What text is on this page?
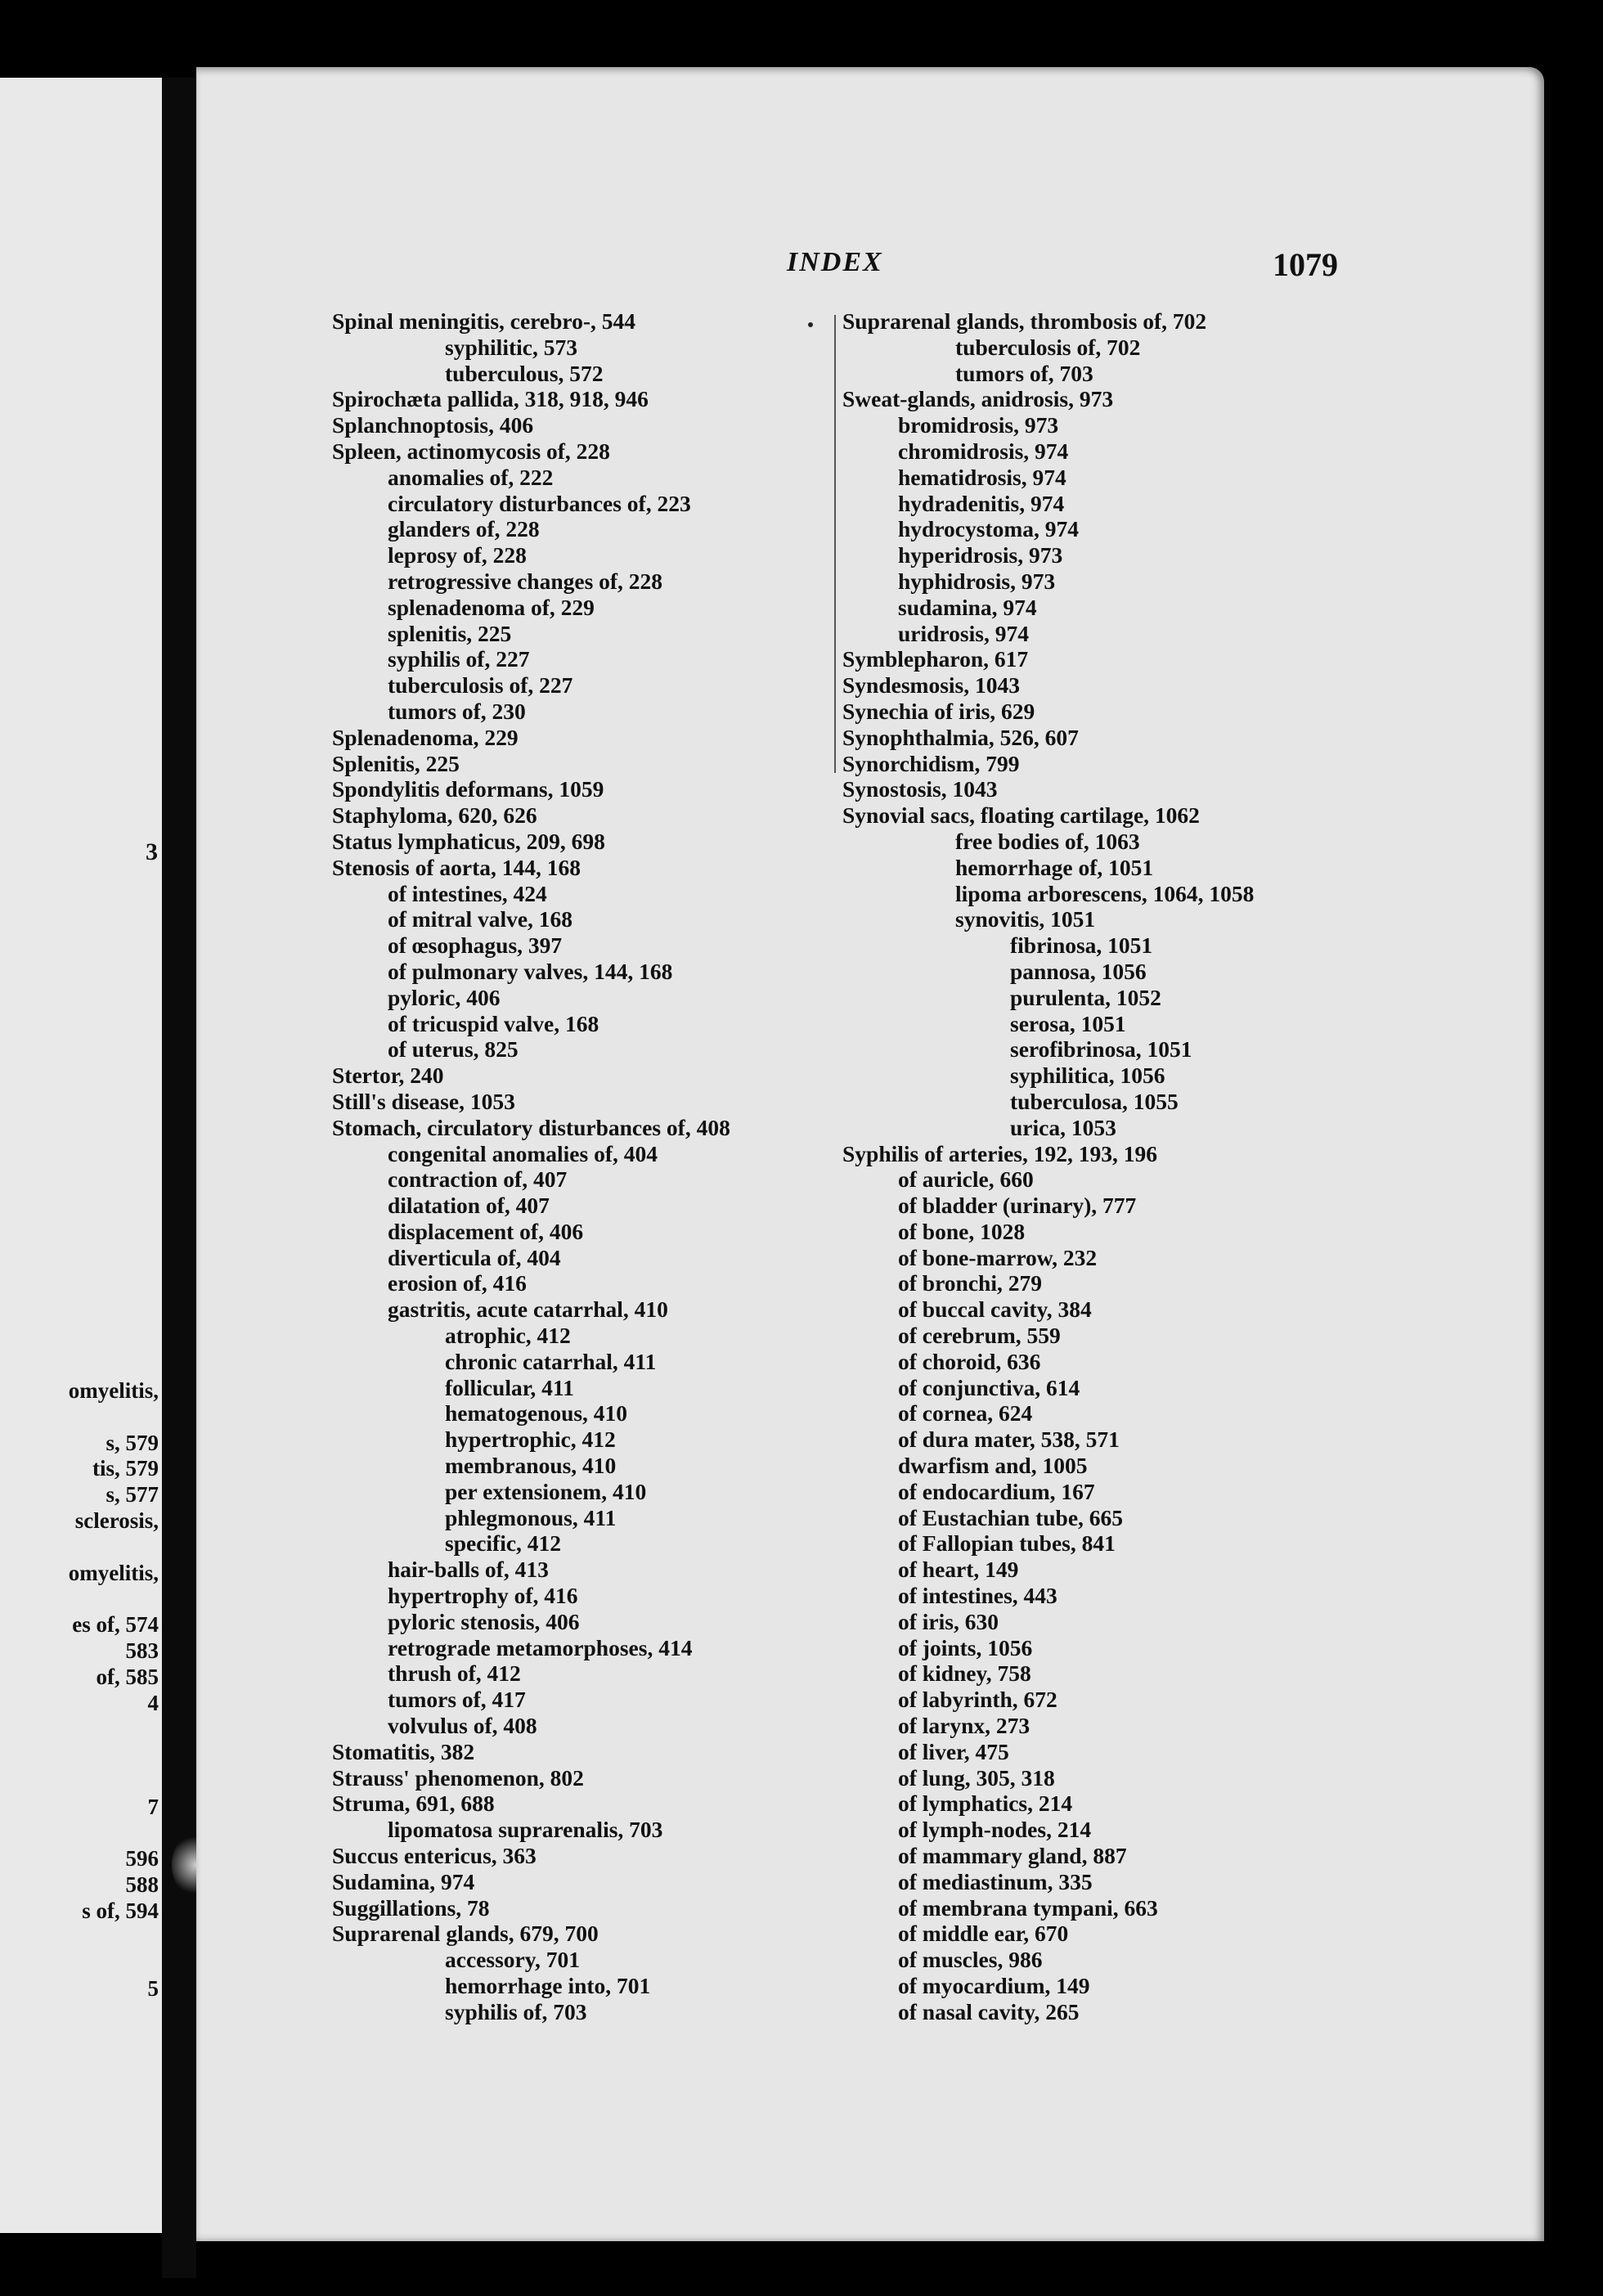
3
omyelitis,
s, 579
tis, 579
s, 577
sclerosis,
omyelitis,
es of, 574
583
of, 585
4
7
596
588
s of, 594
5
INDEX	1079
Spinal meningitis, cerebro-, 544
syphilitic, 573
tuberculous, 572
Spirochæta pallida, 318, 918, 946
Splanchnoptosis, 406
Spleen, actinomycosis of, 228
anomalies of, 222
circulatory disturbances of, 223
glanders of, 228
leprosy of, 228
retrogressive changes of, 228
splenadenoma of, 229
splenitis, 225
syphilis of, 227
tuberculosis of, 227
tumors of, 230
Splenadenoma, 229
Splenitis, 225
Spondylitis deformans, 1059
Staphyloma, 620, 626
Status lymphaticus, 209, 698
Stenosis of aorta, 144, 168
of intestines, 424
of mitral valve, 168
of œsophagus, 397
of pulmonary valves, 144, 168
pyloric, 406
of tricuspid valve, 168
of uterus, 825
Stertor, 240
Still's disease, 1053
Stomach, circulatory disturbances of, 408
congenital anomalies of, 404
contraction of, 407
dilatation of, 407
displacement of, 406
diverticula of, 404
erosion of, 416
gastritis, acute catarrhal, 410
atrophic, 412
chronic catarrhal, 411
follicular, 411
hematogenous, 410
hypertrophic, 412
membranous, 410
per extensionem, 410
phlegmonous, 411
specific, 412
hair-balls of, 413
hypertrophy of, 416
pyloric stenosis, 406
retrograde metamorphoses, 414
thrush of, 412
tumors of, 417
volvulus of, 408
Stomatitis, 382
Strauss' phenomenon, 802
Struma, 691, 688
lipomatosa suprarenalis, 703
Succus entericus, 363
Sudamina, 974
Suggillations, 78
Suprarenal glands, 679, 700
accessory, 701
hemorrhage into, 701
syphilis of, 703
Suprarenal glands, thrombosis of, 702
tuberculosis of, 702
tumors of, 703
Sweat-glands, anidrosis, 973
bromidrosis, 973
chromidrosis, 974
hematidrosis, 974
hydradenitis, 974
hydrocystoma, 974
hyperidrosis, 973
hyphidrosis, 973
sudamina, 974
uridrosis, 974
Symblepharon, 617
Syndesmosis, 1043
Synechia of iris, 629
Synophthalmia, 526, 607
Synorchidism, 799
Synostosis, 1043
Synovial sacs, floating cartilage, 1062
free bodies of, 1063
hemorrhage of, 1051
lipoma arborescens, 1064, 1058
synovitis, 1051
fibrinosa, 1051
pannosa, 1056
purulenta, 1052
serosa, 1051
serofibrinosa, 1051
syphilitica, 1056
tuberculosa, 1055
urica, 1053
Syphilis of arteries, 192, 193, 196
of auricle, 660
of bladder (urinary), 777
of bone, 1028
of bone-marrow, 232
of bronchi, 279
of buccal cavity, 384
of cerebrum, 559
of choroid, 636
of conjunctiva, 614
of cornea, 624
of dura mater, 538, 571
dwarfism and, 1005
of endocardium, 167
of Eustachian tube, 665
of Fallopian tubes, 841
of heart, 149
of intestines, 443
of iris, 630
of joints, 1056
of kidney, 758
of labyrinth, 672
of larynx, 273
of liver, 475
of lung, 305, 318
of lymphatics, 214
of lymph-nodes, 214
of mammary gland, 887
of mediastinum, 335
of membrana tympani, 663
of middle ear, 670
of muscles, 986
of myocardium, 149
of nasal cavity, 265
